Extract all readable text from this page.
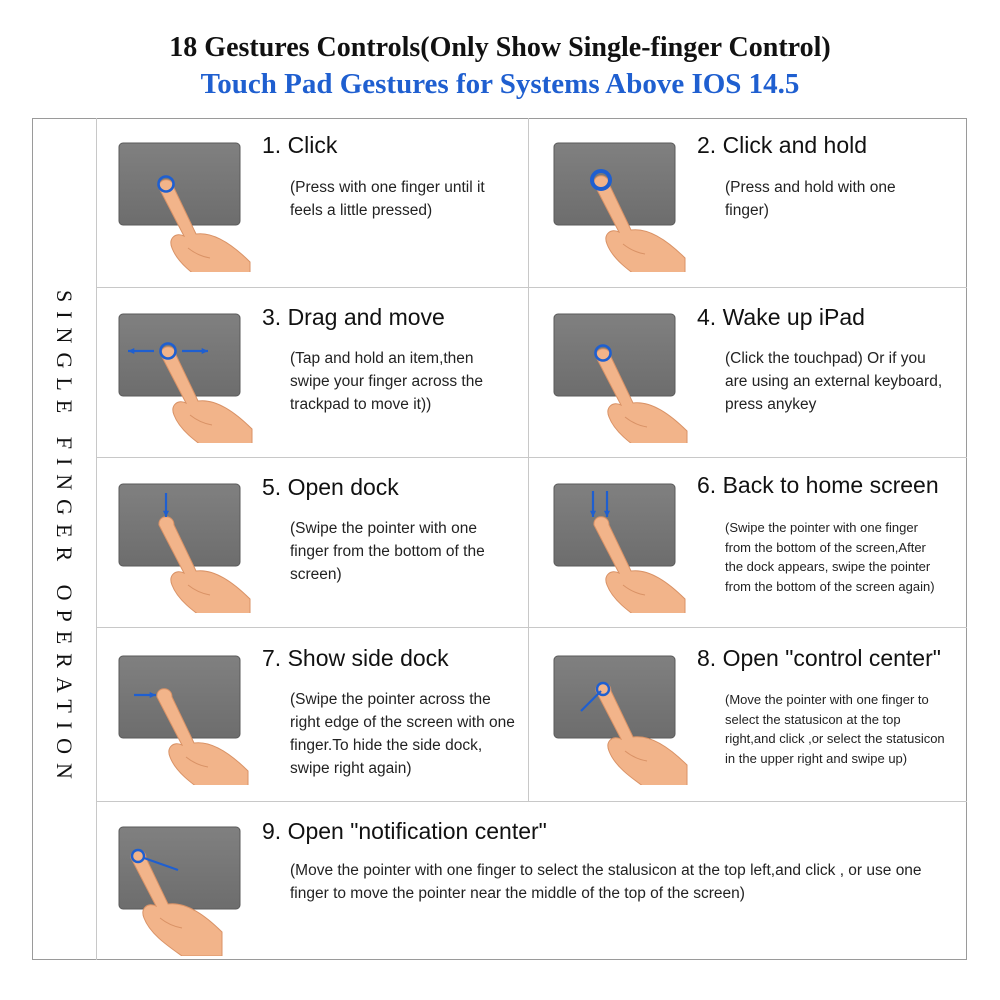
18 Gestures Controls(Only Show Single-finger Control)
Touch Pad Gestures for Systems Above IOS 14.5
SINGLE FINGER OPERATION
1. Click
(Press with one finger until it feels a little pressed)
2. Click and hold
(Press and hold with one finger)
3. Drag and move
(Tap and hold an item,then swipe your finger across the trackpad to move it))
4. Wake up iPad
(Click the touchpad) Or if you are using an external keyboard, press anykey
5. Open dock
(Swipe the pointer with one finger from the bottom of the screen)
6. Back to home screen
(Swipe the pointer with one finger from the bottom of the screen,After the dock appears, swipe the pointer from the bottom of the screen again)
7. Show side dock
(Swipe the pointer across the right edge of the screen with one finger.To hide the side dock, swipe right again)
8. Open "control center"
(Move the pointer with one finger to select the statusicon at the top right,and click ,or select the statusicon in the upper right and swipe up)
9. Open "notification center"
(Move the pointer with one finger to select the stalusicon at the top left,and click , or use one finger to move the pointer near the middle of the top of the screen)
